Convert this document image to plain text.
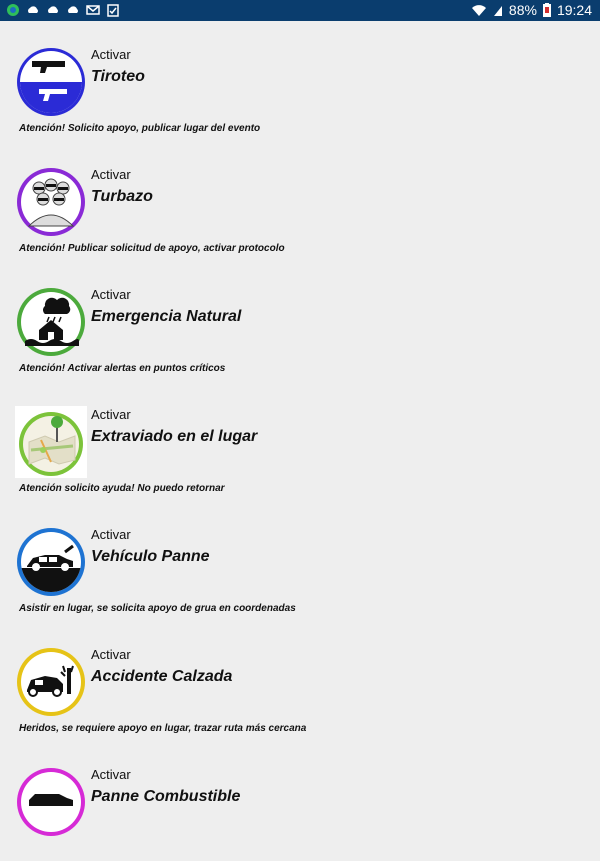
88% 19:24
Activar
Tiroteo
Atención! Solicito apoyo, publicar lugar del evento
Activar
Turbazo
Atención! Publicar solicitud de apoyo, activar protocolo
Activar
Emergencia Natural
Atención! Activar alertas en puntos críticos
Activar
Extraviado en el lugar
Atención solicito ayuda! No puedo retornar
Activar
Vehículo Panne
Asistir en lugar, se solicita apoyo de grua en coordenadas
Activar
Accidente Calzada
Heridos, se requiere apoyo en lugar, trazar ruta más cercana
Activar
Panne Combustible
